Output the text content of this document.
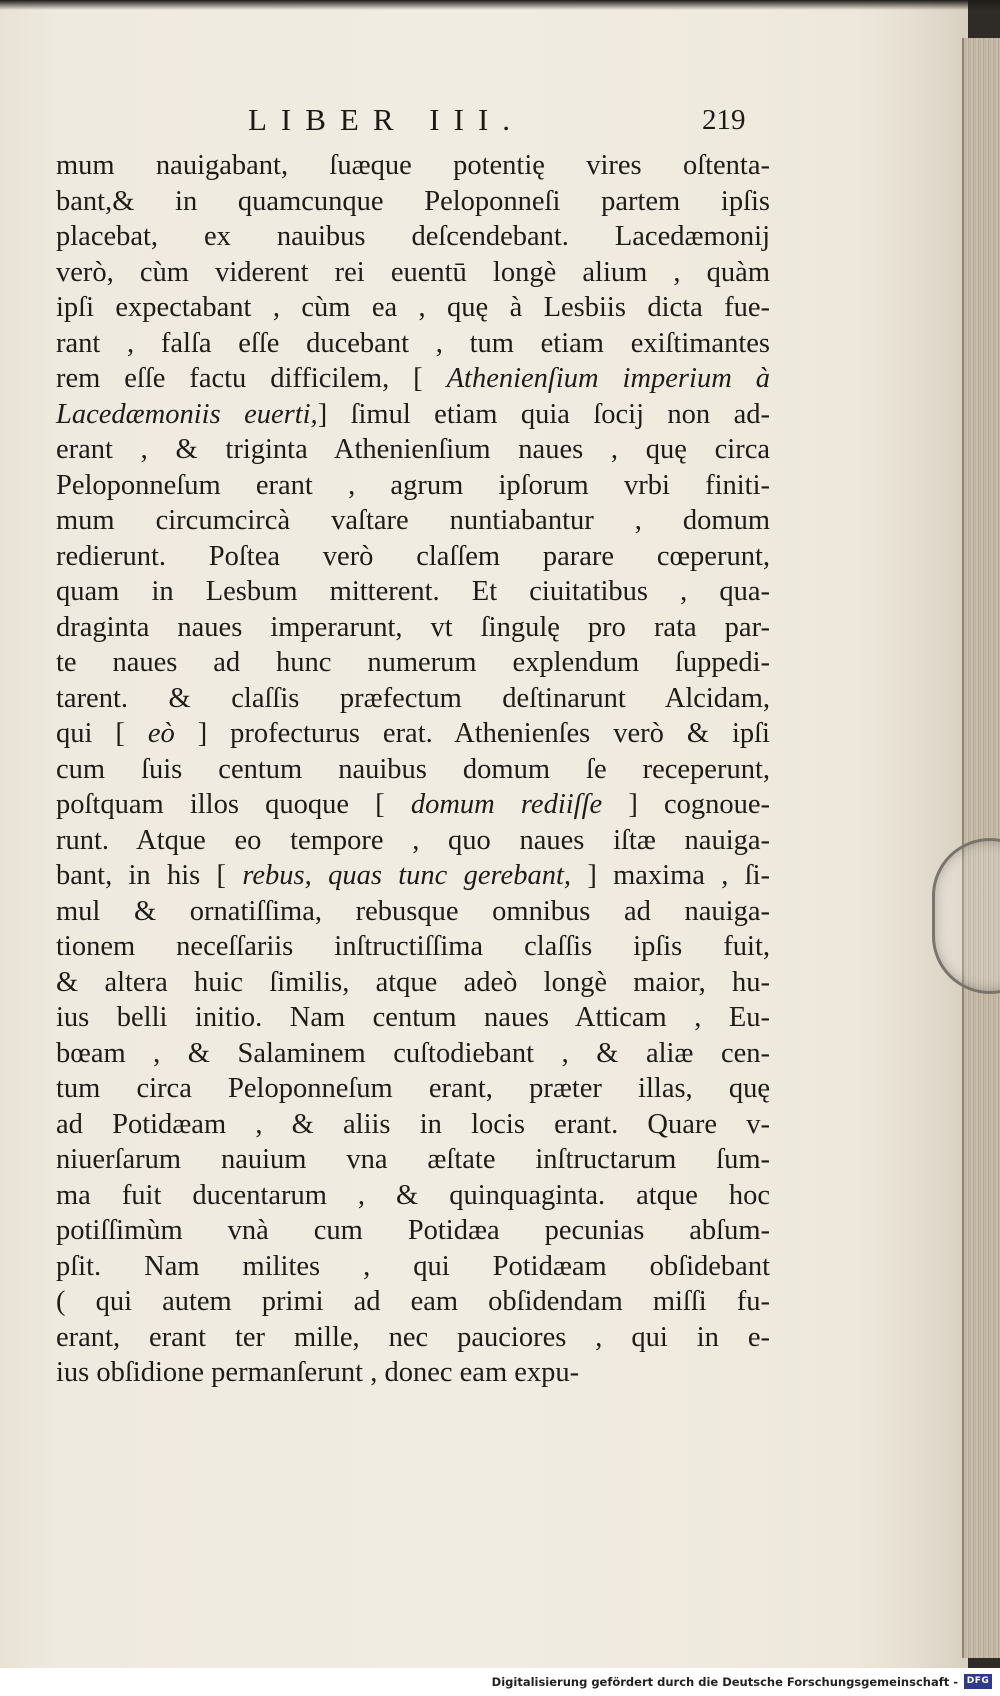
LIBER III.	219
mum nauigabant, ſuæque potentię vires oſtenta-
bant,& in quamcunque Peloponneſi partem ipſis
placebat, ex nauibus deſcendebant. Lacedæmonij
verò, cùm viderent rei euentū longè alium , quàm
ipſi expectabant , cùm ea , quę à Lesbiis dicta fue-
rant , falſa eſſe ducebant , tum etiam exiſtimantes
rem eſſe factu difficilem, [ Athenienſium imperium à
Lacedæmoniis euerti,] ſimul etiam quia ſocij non ad-
erant , & triginta Athenienſium naues , quę circa
Peloponneſum erant , agrum ipſorum vrbi finiti-
mum circumcircà vaſtare nuntiabantur , domum
redierunt. Poſtea verò claſſem parare cœperunt,
quam in Lesbum mitterent. Et ciuitatibus , qua-
draginta naues imperarunt, vt ſingulę pro rata par-
te naues ad hunc numerum explendum ſuppedi-
tarent. & claſſis præfectum deſtinarunt Alcidam,
qui [ eò ] profecturus erat. Athenienſes verò & ipſi
cum ſuis centum nauibus domum ſe receperunt,
poſtquam illos quoque [ domum rediiſſe ] cognoue-
runt. Atque eo tempore , quo naues iſtæ nauiga-
bant, in his [ rebus, quas tunc gerebant, ] maxima , ſi-
mul & ornatiſſima, rebusque omnibus ad nauiga-
tionem neceſſariis inſtructiſſima claſſis ipſis fuit,
& altera huic ſimilis, atque adeò longè maior, hu-
ius belli initio. Nam centum naues Atticam , Eu-
bœam , & Salaminem cuſtodiebant , & aliæ cen-
tum circa Peloponneſum erant, præter illas, quę
ad Potidæam , & aliis in locis erant. Quare v-
niuerſarum nauium vna æſtate inſtructarum ſum-
ma fuit ducentarum , & quinquaginta. atque hoc
potiſſimùm vnà cum Potidæa pecunias abſum-
pſit. Nam milites , qui Potidæam obſidebant
( qui autem primi ad eam obſidendam miſſi fu-
erant, erant ter mille, nec pauciores , qui in e-
ius obſidione permanſerunt , donec eam expu-
Digitalisierung gefördert durch die Deutsche Forschungsgemeinschaft - DFG
